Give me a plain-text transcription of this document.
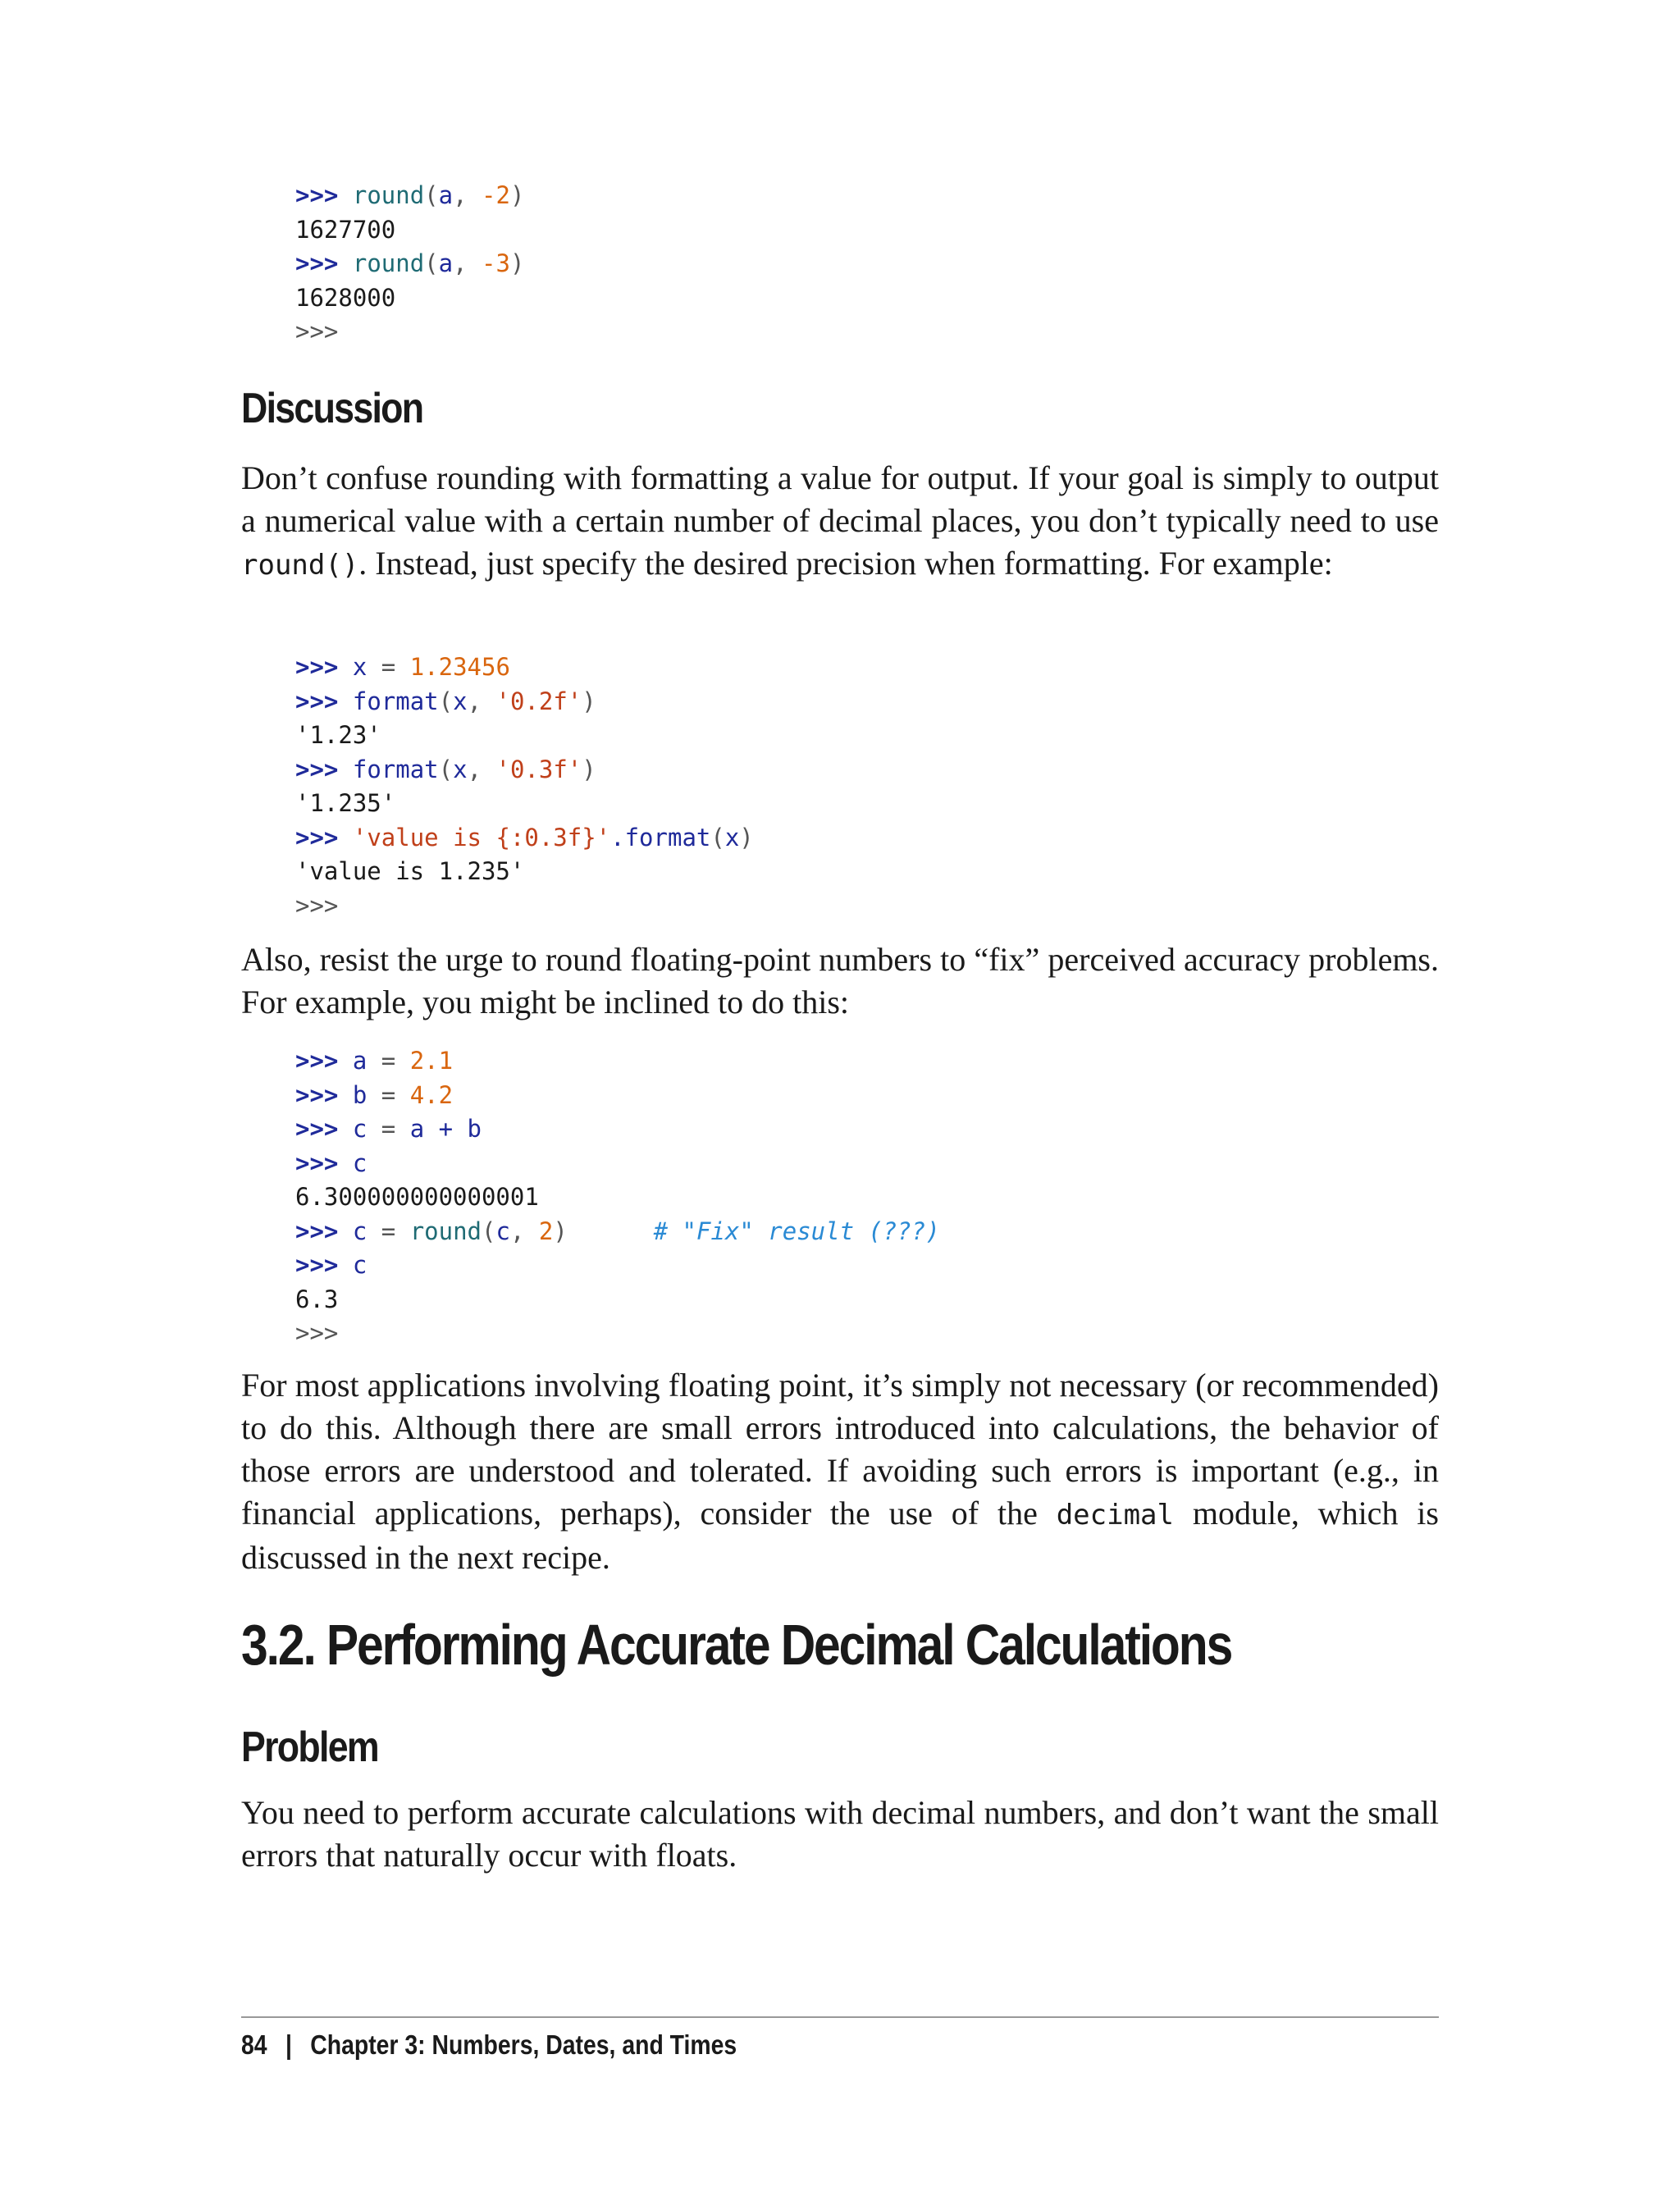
>>> round(a, -2)
1627700
>>> round(a, -3)
1628000
>>>
Discussion

Don’t confuse rounding with formatting a value for output. If your goal is simply to output a numerical value with a certain number of decimal places, you don’t typically need to use round(). Instead, just specify the desired precision when formatting. For example:

>>> x = 1.23456
>>> format(x, '0.2f')
'1.23'
>>> format(x, '0.3f')
'1.235'
>>> 'value is {:0.3f}'.format(x)
'value is 1.235'
>>>

Also, resist the urge to round floating-point numbers to “fix” perceived accuracy problems. For example, you might be inclined to do this:

>>> a = 2.1
>>> b = 4.2
>>> c = a + b
>>> c
6.300000000000001
>>> c = round(c, 2)	# "Fix" result (???)
>>> c
6.3
>>>

For most applications involving floating point, it’s simply not necessary (or recommended) to do this. Although there are small errors introduced into calculations, the behavior of those errors are understood and tolerated. If avoiding such errors is important (e.g., in financial applications, perhaps), consider the use of the decimal module, which is discussed in the next recipe.

3.2. Performing Accurate Decimal Calculations
Problem

You need to perform accurate calculations with decimal numbers, and don’t want the small errors that naturally occur with floats.

84 | Chapter 3: Numbers, Dates, and Times
